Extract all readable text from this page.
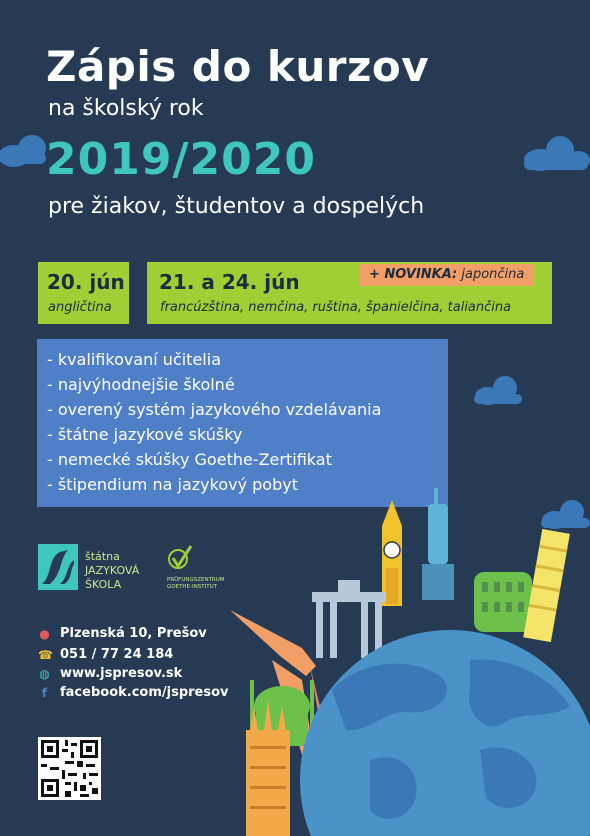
Zápis do kurzov
na školský rok
2019/2020
pre žiakov, študentov a dospelých
20. jún
angličtina
21. a 24. jún
francúzština, nemčina, ruština, španielčina, taliančina
+ NOVINKA: japončina
- kvalifikovaní učitelia
- najvýhodnejšie školné
- overený systém jazykového vzdelávania
- štátne jazykové skúšky
- nemecké skúšky Goethe-Zertifikat
- štipendium na jazykový pobyt
štátna
JAZYKOVÁ
ŠKOLA	PRÜFUNGSZENTRUM
GOETHE-INSTITUT
● Plzenská 10, Prešov
☎ 051 / 77 24 184
◍ www.jspresov.sk
f facebook.com/jspresov
